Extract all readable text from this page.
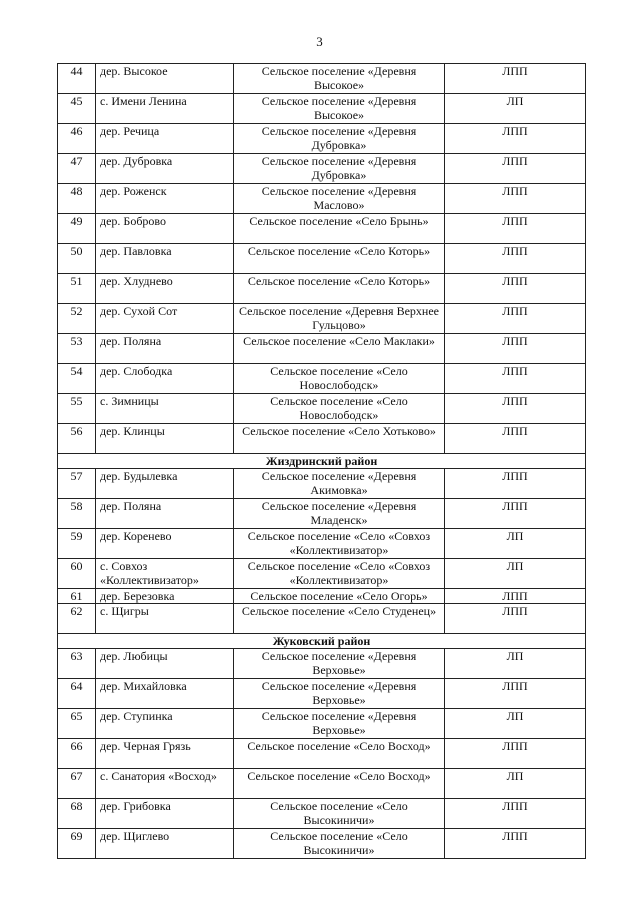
3
44	дер. Высокое	Сельское поселение «Деревня Высокое»	ЛПП
45	с. Имени Ленина	Сельское поселение «Деревня Высокое»	ЛП
46	дер. Речица	Сельское поселение «Деревня Дубровка»	ЛПП
47	дер. Дубровка	Сельское поселение «Деревня Дубровка»	ЛПП
48	дер. Роженск	Сельское поселение «Деревня Маслово»	ЛПП
49	дер. Боброво	Сельское поселение «Село Брынь»	ЛПП
50	дер. Павловка	Сельское поселение «Село Которь»	ЛПП
51	дер. Хлуднево	Сельское поселение «Село Которь»	ЛПП
52	дер. Сухой Сот	Сельское поселение «Деревня Верхнее Гульцово»	ЛПП
53	дер. Поляна	Сельское поселение «Село Маклаки»	ЛПП
54	дер. Слободка	Сельское поселение «Село Новослободск»	ЛПП
55	с. Зимницы	Сельское поселение «Село Новослободск»	ЛПП
56	дер. Клинцы	Сельское поселение «Село Хотьково»	ЛПП
Жиздринский район			
57	дер. Будылевка	Сельское поселение «Деревня Акимовка»	ЛПП
58	дер. Поляна	Сельское поселение «Деревня Младенск»	ЛПП
59	дер. Коренево	Сельское поселение «Село «Совхоз «Коллективизатор»	ЛП
60	с. Совхоз «Коллективизатор»	Сельское поселение «Село «Совхоз «Коллективизатор»	ЛП
61	дер. Березовка	Сельское поселение «Село Огорь»	ЛПП
62	с. Щигры	Сельское поселение «Село Студенец»	ЛПП
Жуковский район			
63	дер. Любицы	Сельское поселение «Деревня Верховье»	ЛП
64	дер. Михайловка	Сельское поселение «Деревня Верховье»	ЛПП
65	дер. Ступинка	Сельское поселение «Деревня Верховье»	ЛП
66	дер. Черная Грязь	Сельское поселение «Село Восход»	ЛПП
67	с. Санатория «Восход»	Сельское поселение «Село Восход»	ЛП
68	дер. Грибовка	Сельское поселение «Село Высокиничи»	ЛПП
69	дер. Щиглево	Сельское поселение «Село Высокиничи»	ЛПП
